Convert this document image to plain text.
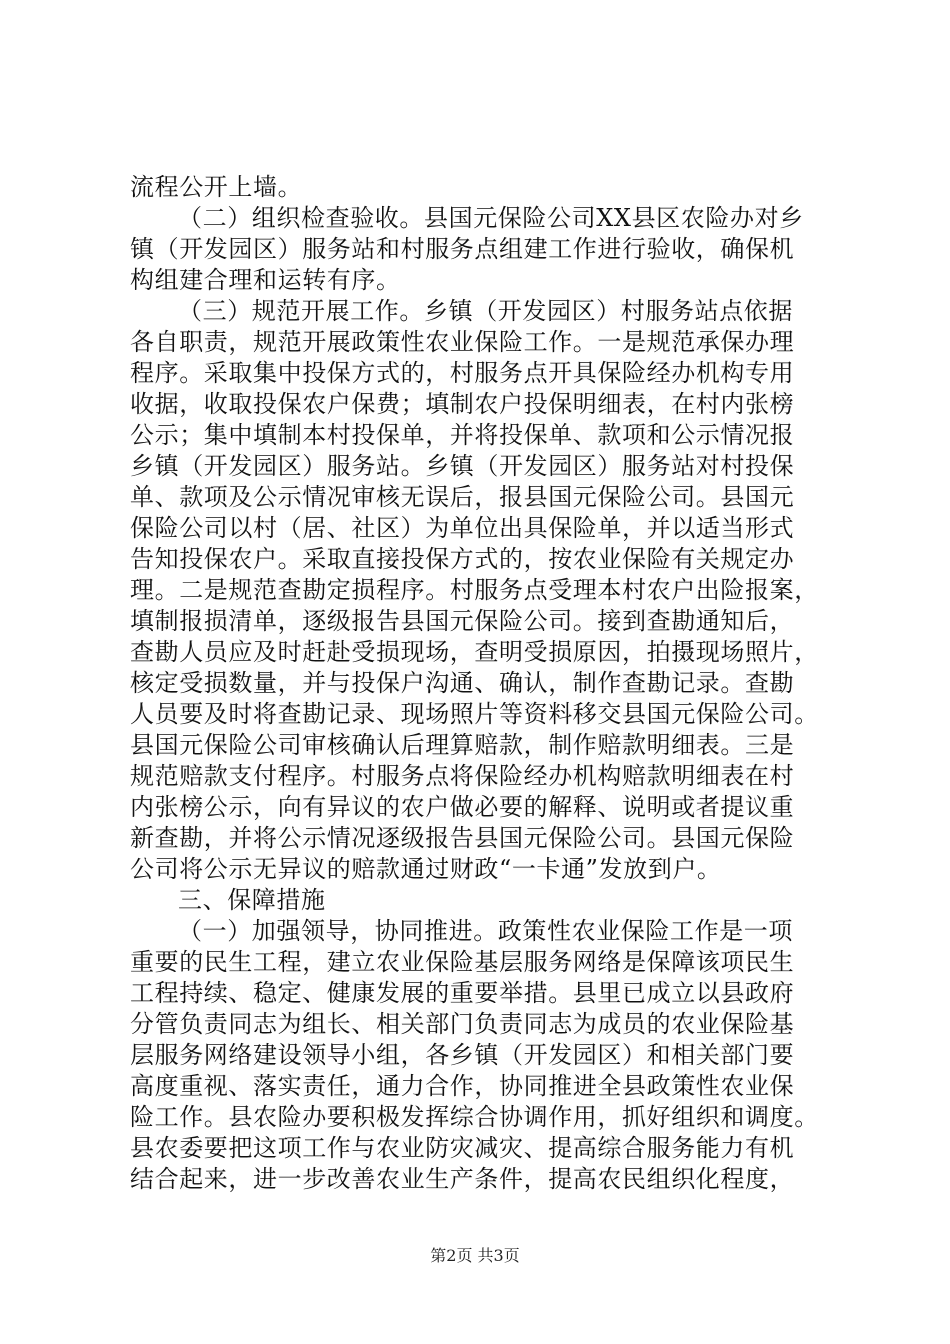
流程公开上墙。
（二）组织检查验收。县国元保险公司XX县区农险办对乡
镇（开发园区）服务站和村服务点组建工作进行验收，确保机
构组建合理和运转有序。
（三）规范开展工作。乡镇（开发园区）村服务站点依据
各自职责，规范开展政策性农业保险工作。一是规范承保办理
程序。采取集中投保方式的，村服务点开具保险经办机构专用
收据，收取投保农户保费；填制农户投保明细表，在村内张榜
公示；集中填制本村投保单，并将投保单、款项和公示情况报
乡镇（开发园区）服务站。乡镇（开发园区）服务站对村投保
单、款项及公示情况审核无误后，报县国元保险公司。县国元
保险公司以村（居、社区）为单位出具保险单，并以适当形式
告知投保农户。采取直接投保方式的，按农业保险有关规定办
理。二是规范查勘定损程序。村服务点受理本村农户出险报案，
填制报损清单，逐级报告县国元保险公司。接到查勘通知后，
查勘人员应及时赶赴受损现场，查明受损原因，拍摄现场照片，
核定受损数量，并与投保户沟通、确认，制作查勘记录。查勘
人员要及时将查勘记录、现场照片等资料移交县国元保险公司。
县国元保险公司审核确认后理算赔款，制作赔款明细表。三是
规范赔款支付程序。村服务点将保险经办机构赔款明细表在村
内张榜公示，向有异议的农户做必要的解释、说明或者提议重
新查勘，并将公示情况逐级报告县国元保险公司。县国元保险
公司将公示无异议的赔款通过财政“一卡通”发放到户。
三、保障措施
（一）加强领导，协同推进。政策性农业保险工作是一项
重要的民生工程，建立农业保险基层服务网络是保障该项民生
工程持续、稳定、健康发展的重要举措。县里已成立以县政府
分管负责同志为组长、相关部门负责同志为成员的农业保险基
层服务网络建设领导小组，各乡镇（开发园区）和相关部门要
高度重视、落实责任，通力合作，协同推进全县政策性农业保
险工作。县农险办要积极发挥综合协调作用，抓好组织和调度。
县农委要把这项工作与农业防灾减灾、提高综合服务能力有机
结合起来，进一步改善农业生产条件，提高农民组织化程度，
第2页 共3页
